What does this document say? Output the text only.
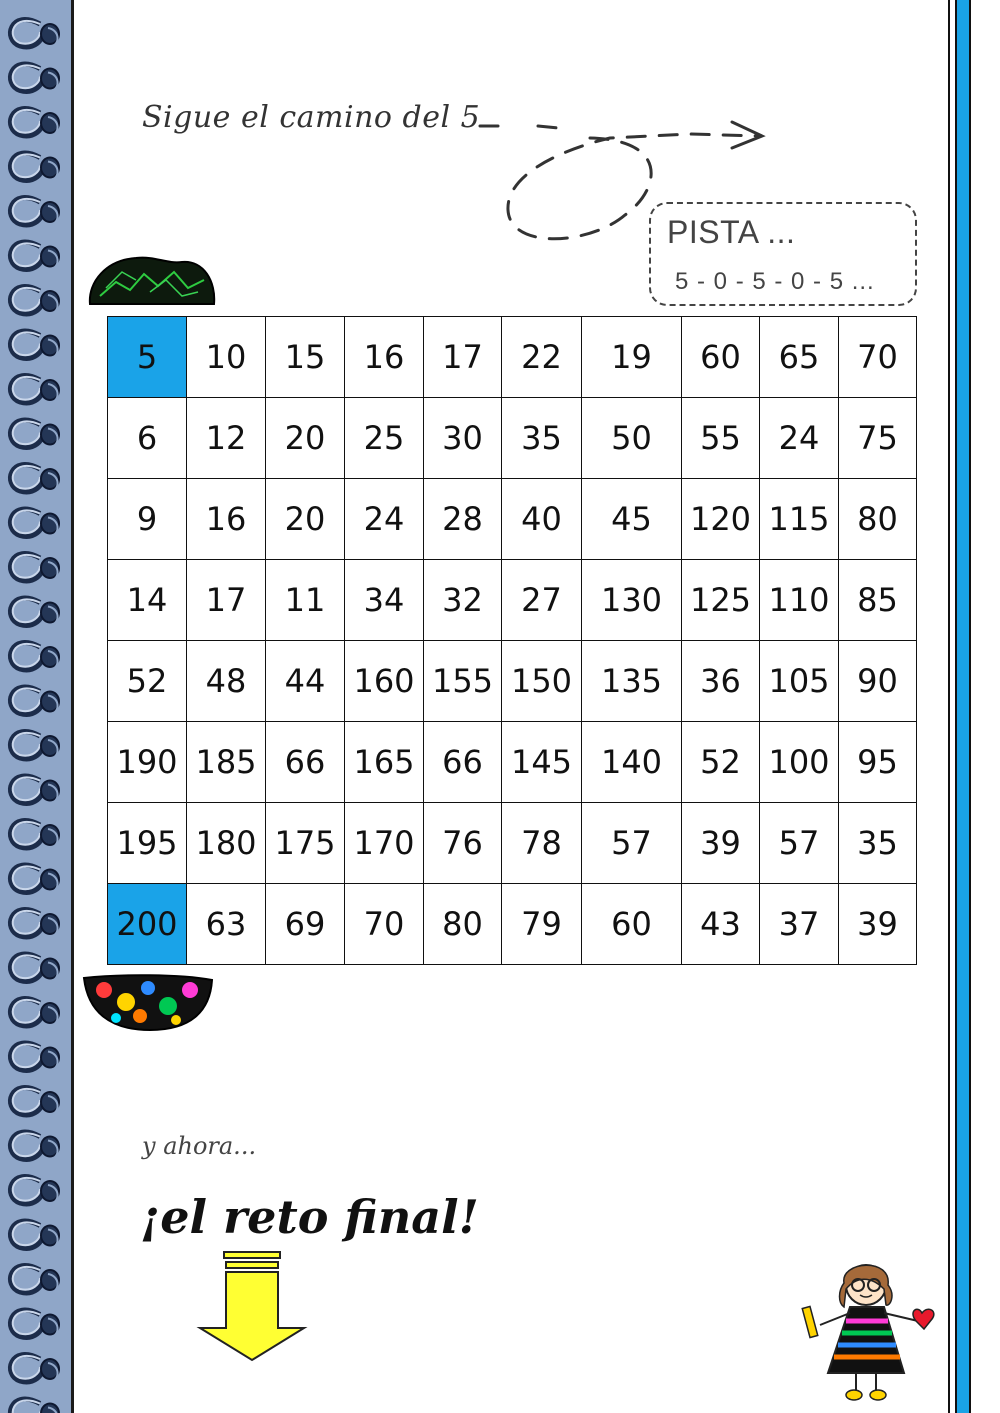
Sigue el camino del 5
PISTA ...
5 - 0 - 5 - 0 - 5 ...
5	10	15	16	17	22	19	60	65	70
6	12	20	25	30	35	50	55	24	75
9	16	20	24	28	40	45	120	115	80
14	17	11	34	32	27	130	125	110	85
52	48	44	160	155	150	135	36	105	90
190	185	66	165	66	145	140	52	100	95
195	180	175	170	76	78	57	39	57	35
200	63	69	70	80	79	60	43	37	39
y ahora...
¡el reto final!
